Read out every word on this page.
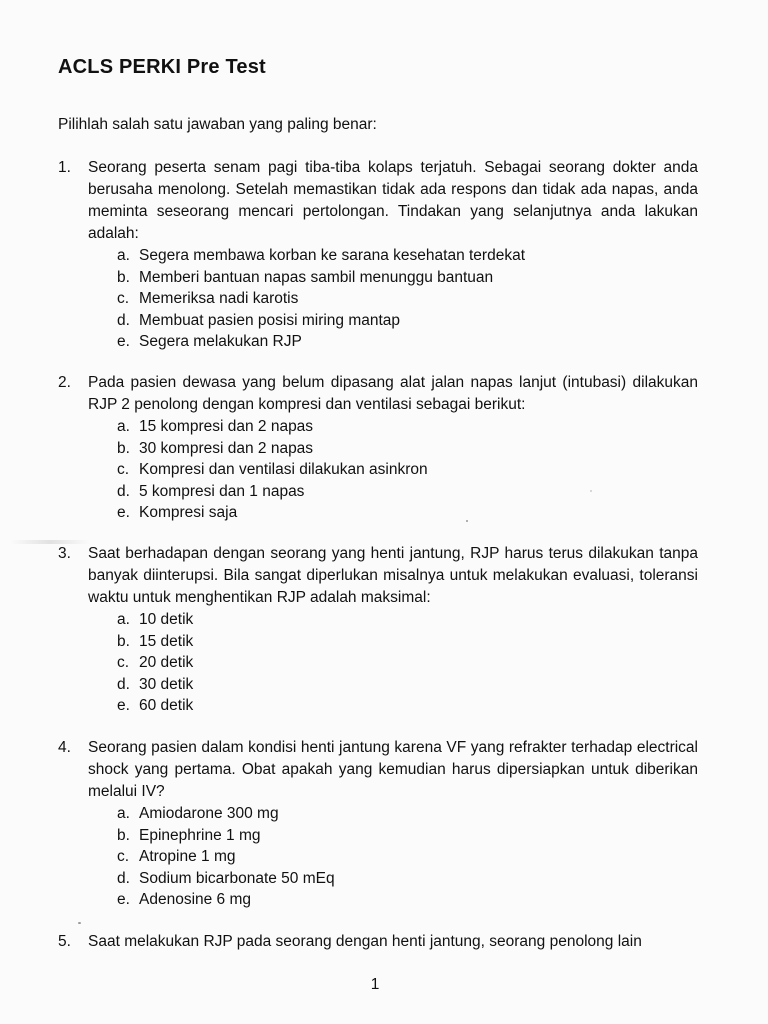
ACLS PERKI Pre Test
Pilihlah salah satu jawaban yang paling benar:
1. Seorang peserta senam pagi tiba-tiba kolaps terjatuh. Sebagai seorang dokter anda berusaha menolong. Setelah memastikan tidak ada respons dan tidak ada napas, anda meminta seseorang mencari pertolongan. Tindakan yang selanjutnya anda lakukan adalah:
a. Segera membawa korban ke sarana kesehatan terdekat
b. Memberi bantuan napas sambil menunggu bantuan
c. Memeriksa nadi karotis
d. Membuat pasien posisi miring mantap
e. Segera melakukan RJP
2. Pada pasien dewasa yang belum dipasang alat jalan napas lanjut (intubasi) dilakukan RJP 2 penolong dengan kompresi dan ventilasi sebagai berikut:
a. 15 kompresi dan 2 napas
b. 30 kompresi dan 2 napas
c. Kompresi dan ventilasi dilakukan asinkron
d. 5 kompresi dan 1 napas
e. Kompresi saja
3. Saat berhadapan dengan seorang yang henti jantung, RJP harus terus dilakukan tanpa banyak diinterupsi. Bila sangat diperlukan misalnya untuk melakukan evaluasi, toleransi waktu untuk menghentikan RJP adalah maksimal:
a. 10 detik
b. 15 detik
c. 20 detik
d. 30 detik
e. 60 detik
4. Seorang pasien dalam kondisi henti jantung karena VF yang refrakter terhadap electrical shock yang pertama. Obat apakah yang kemudian harus dipersiapkan untuk diberikan melalui IV?
a. Amiodarone 300 mg
b. Epinephrine 1 mg
c. Atropine 1 mg
d. Sodium bicarbonate 50 mEq
e. Adenosine 6 mg
5. Saat melakukan RJP pada seorang dengan henti jantung, seorang penolong lain
1
